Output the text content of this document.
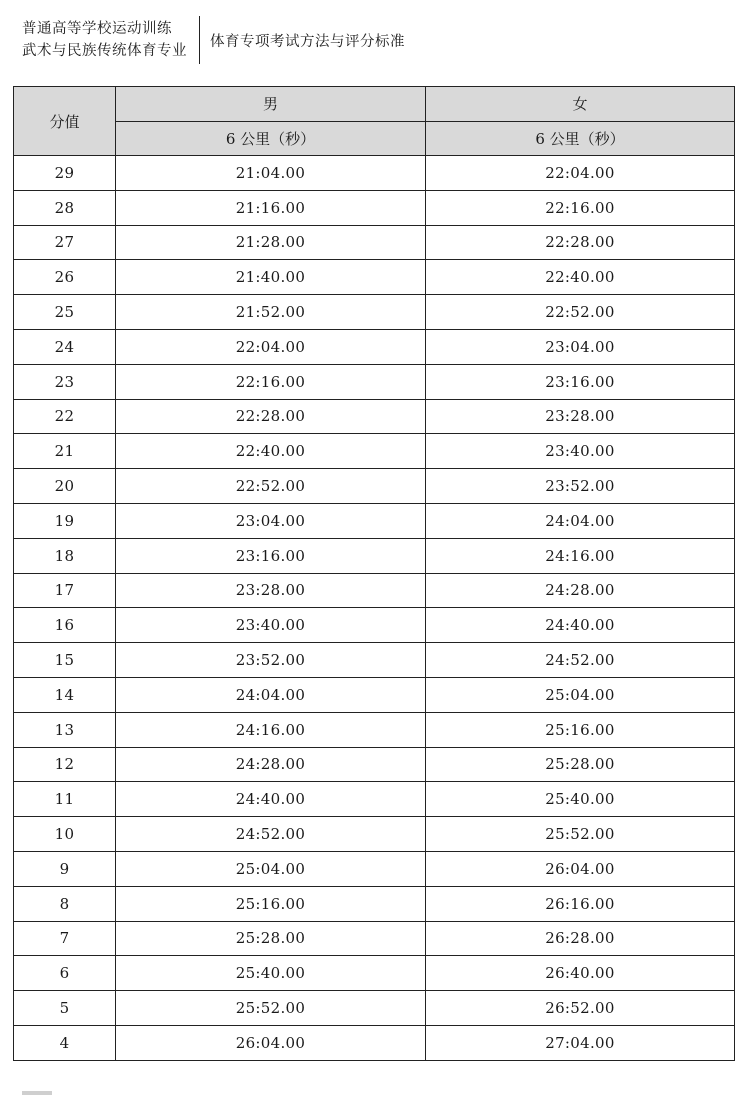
普通高等学校运动训练
武术与民族传统体育专业
体育专项考试方法与评分标准
分值	男	女
	6 公里（秒）	6 公里（秒）
29	21:04.00	22:04.00
28	21:16.00	22:16.00
27	21:28.00	22:28.00
26	21:40.00	22:40.00
25	21:52.00	22:52.00
24	22:04.00	23:04.00
23	22:16.00	23:16.00
22	22:28.00	23:28.00
21	22:40.00	23:40.00
20	22:52.00	23:52.00
19	23:04.00	24:04.00
18	23:16.00	24:16.00
17	23:28.00	24:28.00
16	23:40.00	24:40.00
15	23:52.00	24:52.00
14	24:04.00	25:04.00
13	24:16.00	25:16.00
12	24:28.00	25:28.00
11	24:40.00	25:40.00
10	24:52.00	25:52.00
9	25:04.00	26:04.00
8	25:16.00	26:16.00
7	25:28.00	26:28.00
6	25:40.00	26:40.00
5	25:52.00	26:52.00
4	26:04.00	27:04.00
